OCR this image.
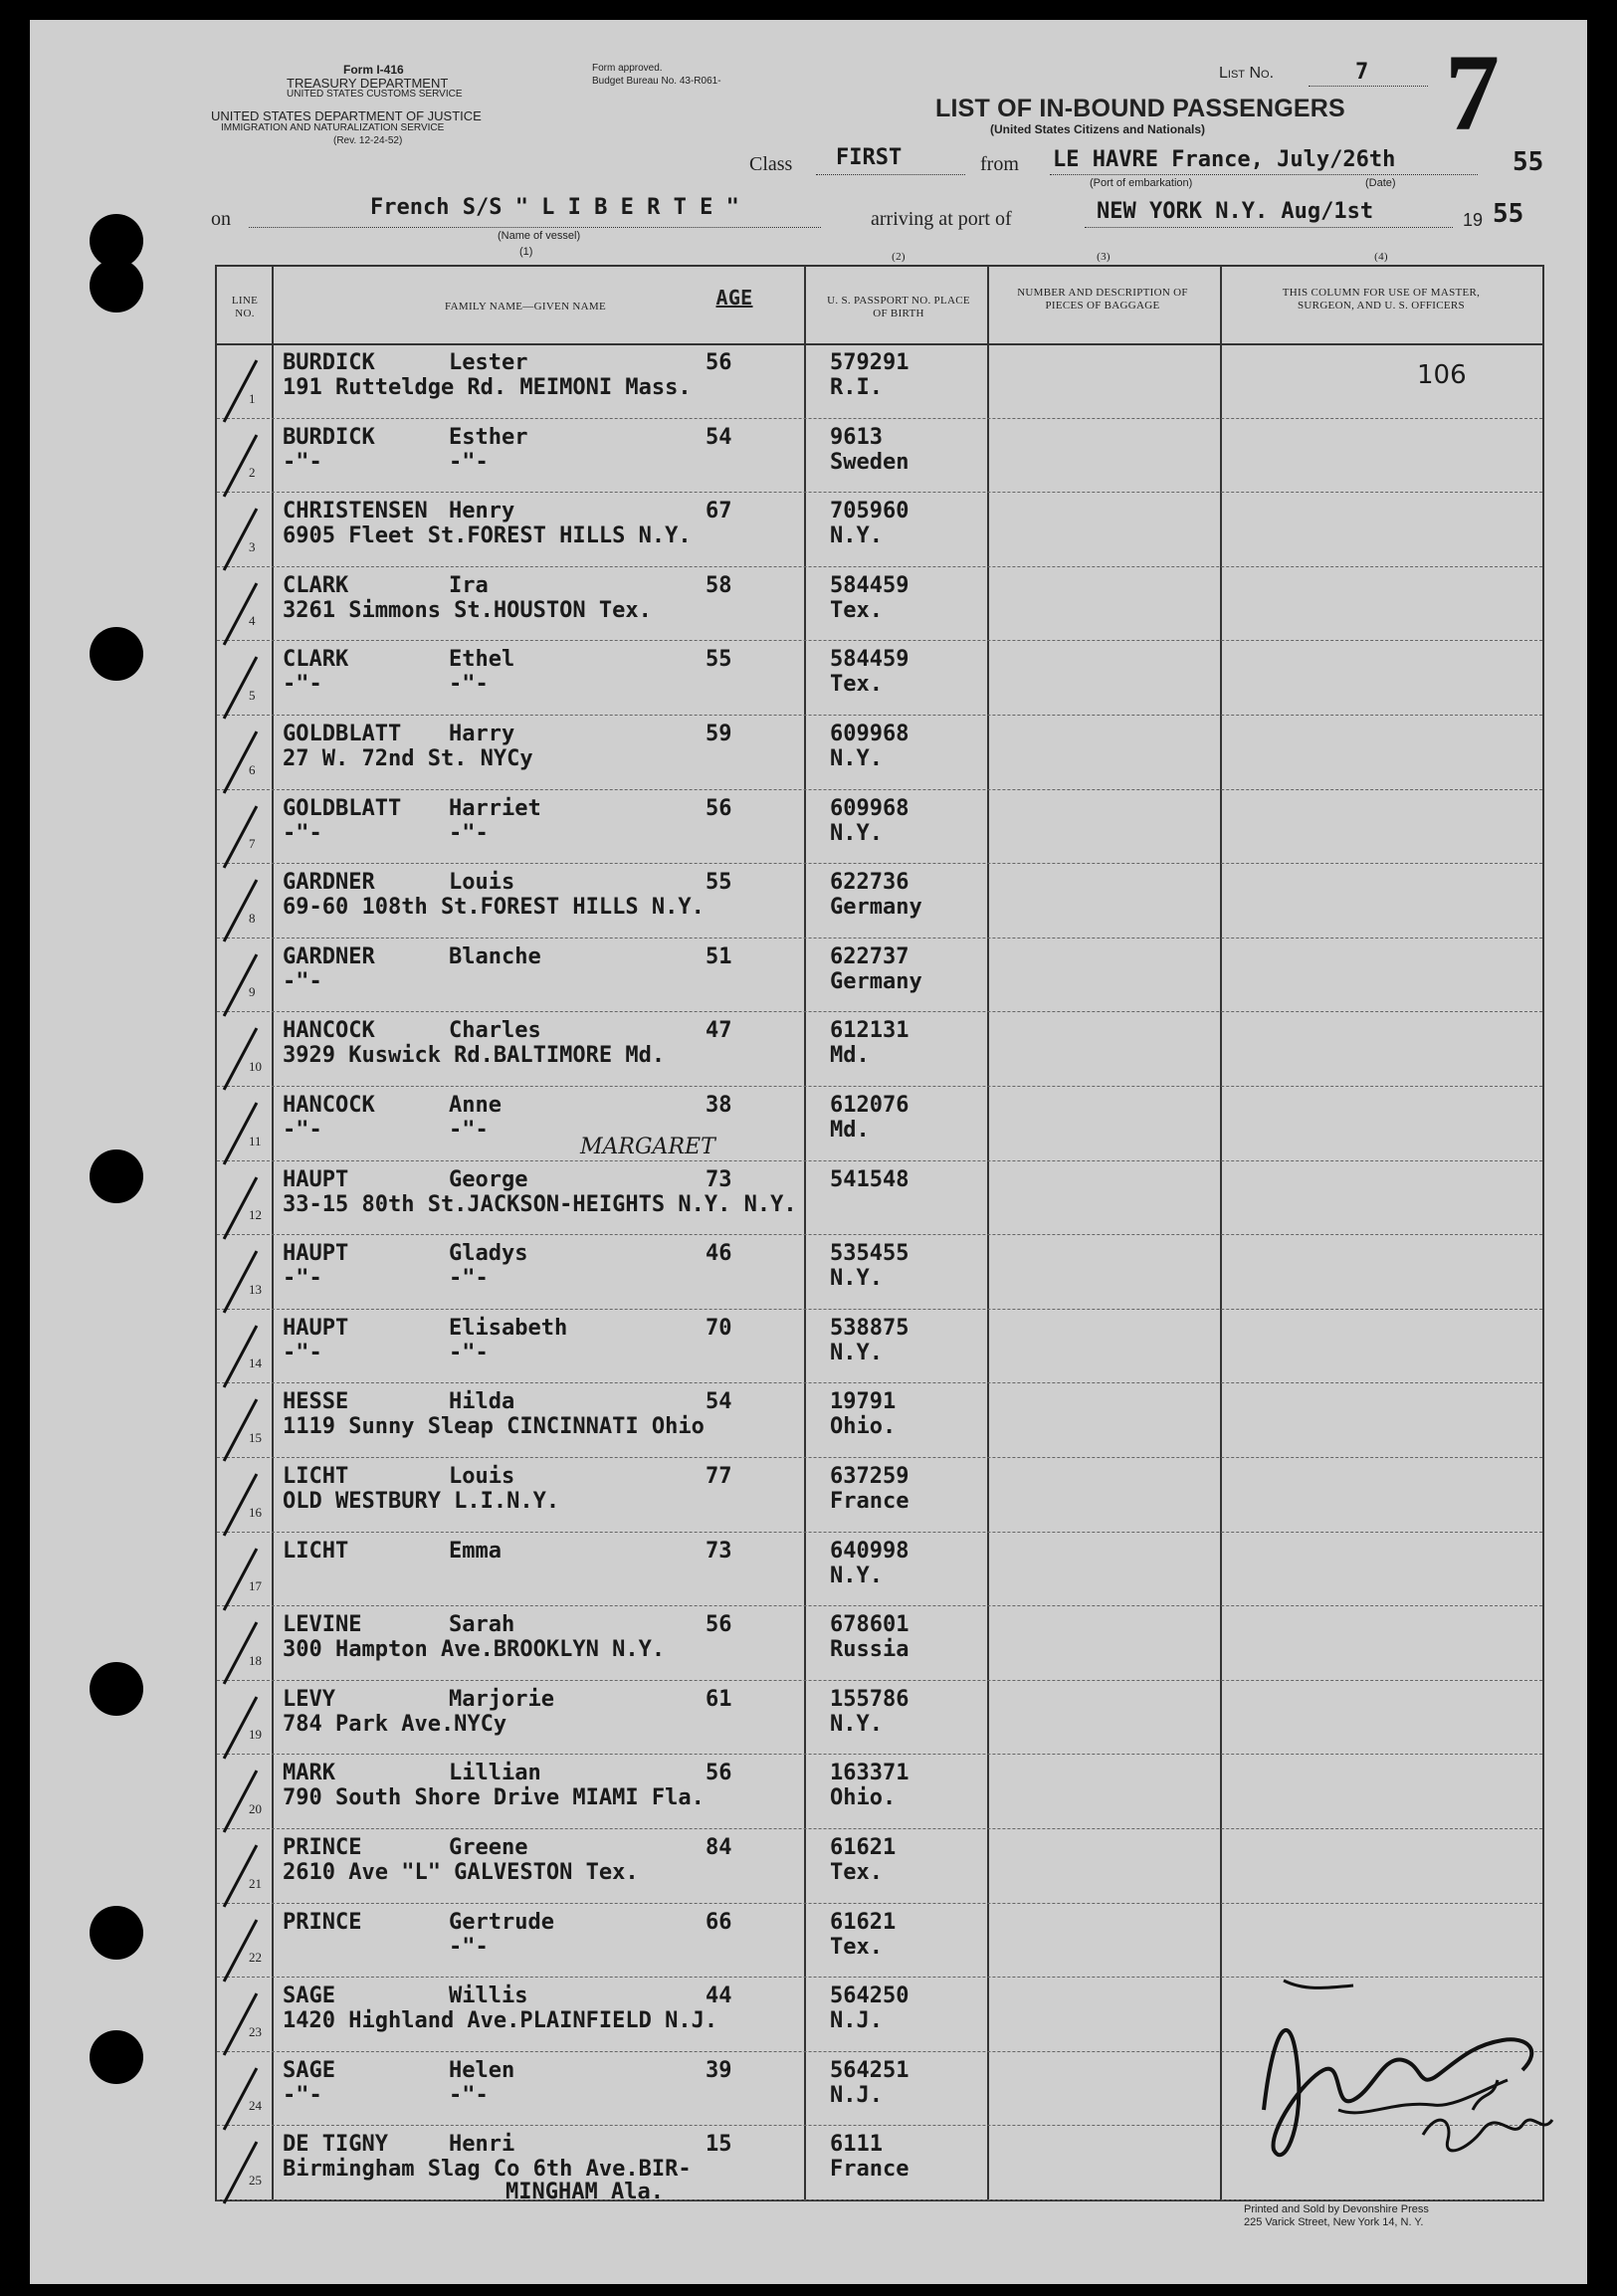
Form I-416
TREASURY DEPARTMENT
UNITED STATES CUSTOMS SERVICE
UNITED STATES DEPARTMENT OF JUSTICE
IMMIGRATION AND NATURALIZATION SERVICE
(Rev. 12-24-52)
Form approved.
Budget Bureau No. 43-R061-	List No.	7 7
LIST OF IN-BOUND PASSENGERS
(United States Citizens and Nationals)
Class FIRST	from LE HAVRE France, July/26th	55
(Port of embarkation)	(Date)
on	French S/S " L I B E R T E "
(Name of vessel)
(1)
arriving at port of	NEW YORK N.Y. Aug/1st	19 55
LINE NO.
FAMILY NAME—GIVEN NAME	AGE	U. S. PASSPORT NO. PLACE OF BIRTH
(2)
NUMBER AND DESCRIPTION OF PIECES OF BAGGAGE
(3)
THIS COLUMN FOR USE OF MASTER, SURGEON, AND U. S. OFFICERS
(4)
1
BURDICK	Lester	56	579291
191 Rutteldge Rd. MEIMONI Mass.	R.I.	106
2
BURDICK	Esther	54	9613
-"-	-"-	Sweden
3
CHRISTENSEN Henry	67	705960
6905 Fleet St.FOREST HILLS N.Y.	N.Y.
4
CLARK	Ira	58	584459
3261 Simmons St.HOUSTON Tex.	Tex.
5
CLARK	Ethel	55	584459
-"-	-"-	Tex.
6
GOLDBLATT Harry	59	609968
27 W. 72nd St. NYCy	N.Y.
7
GOLDBLATT Harriet	56	609968
-"-	-"-	N.Y.
8
GARDNER	Louis	55	622736
69-60 108th St.FOREST HILLS N.Y.	Germany
9
GARDNER	Blanche	51	622737
-"-	Germany
10
HANCOCK	Charles	47	612131
3929 Kuswick Rd.BALTIMORE Md.	Md.
11
HANCOCK	Anne	38	612076
-"-	-"-	Md.
MARGARET
12
HAUPT	George	73	541548
33-15 80th St.JACKSON-HEIGHTS N.Y. N.Y.
13
HAUPT	Gladys	46	535455
-"-	-"-	N.Y.
14
HAUPT	Elisabeth	70	538875
-"-	-"-	N.Y.
15
HESSE	Hilda	54	19791
1119 Sunny Sleap CINCINNATI Ohio	Ohio.
16
LICHT	Louis	77	637259
OLD WESTBURY L.I.N.Y.	France
17
LICHT	Emma	73	640998
N.Y.
18
LEVINE	Sarah	56	678601
300 Hampton Ave.BROOKLYN N.Y.	Russia
19
LEVY	Marjorie	61	155786
784 Park Ave.NYCy	N.Y.
20
MARK	Lillian	56	163371
790 South Shore Drive MIAMI Fla.	Ohio.
21
PRINCE	Greene	84	61621
2610 Ave "L" GALVESTON Tex.	Tex.
22
PRINCE	Gertrude	66	61621
-"-	Tex.
23
SAGE	Willis	44	564250
1420 Highland Ave.PLAINFIELD N.J.	N.J.
24
SAGE	Helen	39	564251
-"-	-"-	N.J.
25
DE TIGNY	Henri	15	6111
Birmingham Slag Co 6th Ave.BIR-	France
MINGHAM Ala.
Printed and Sold by Devonshire Press
225 Varick Street, New York 14, N. Y.
